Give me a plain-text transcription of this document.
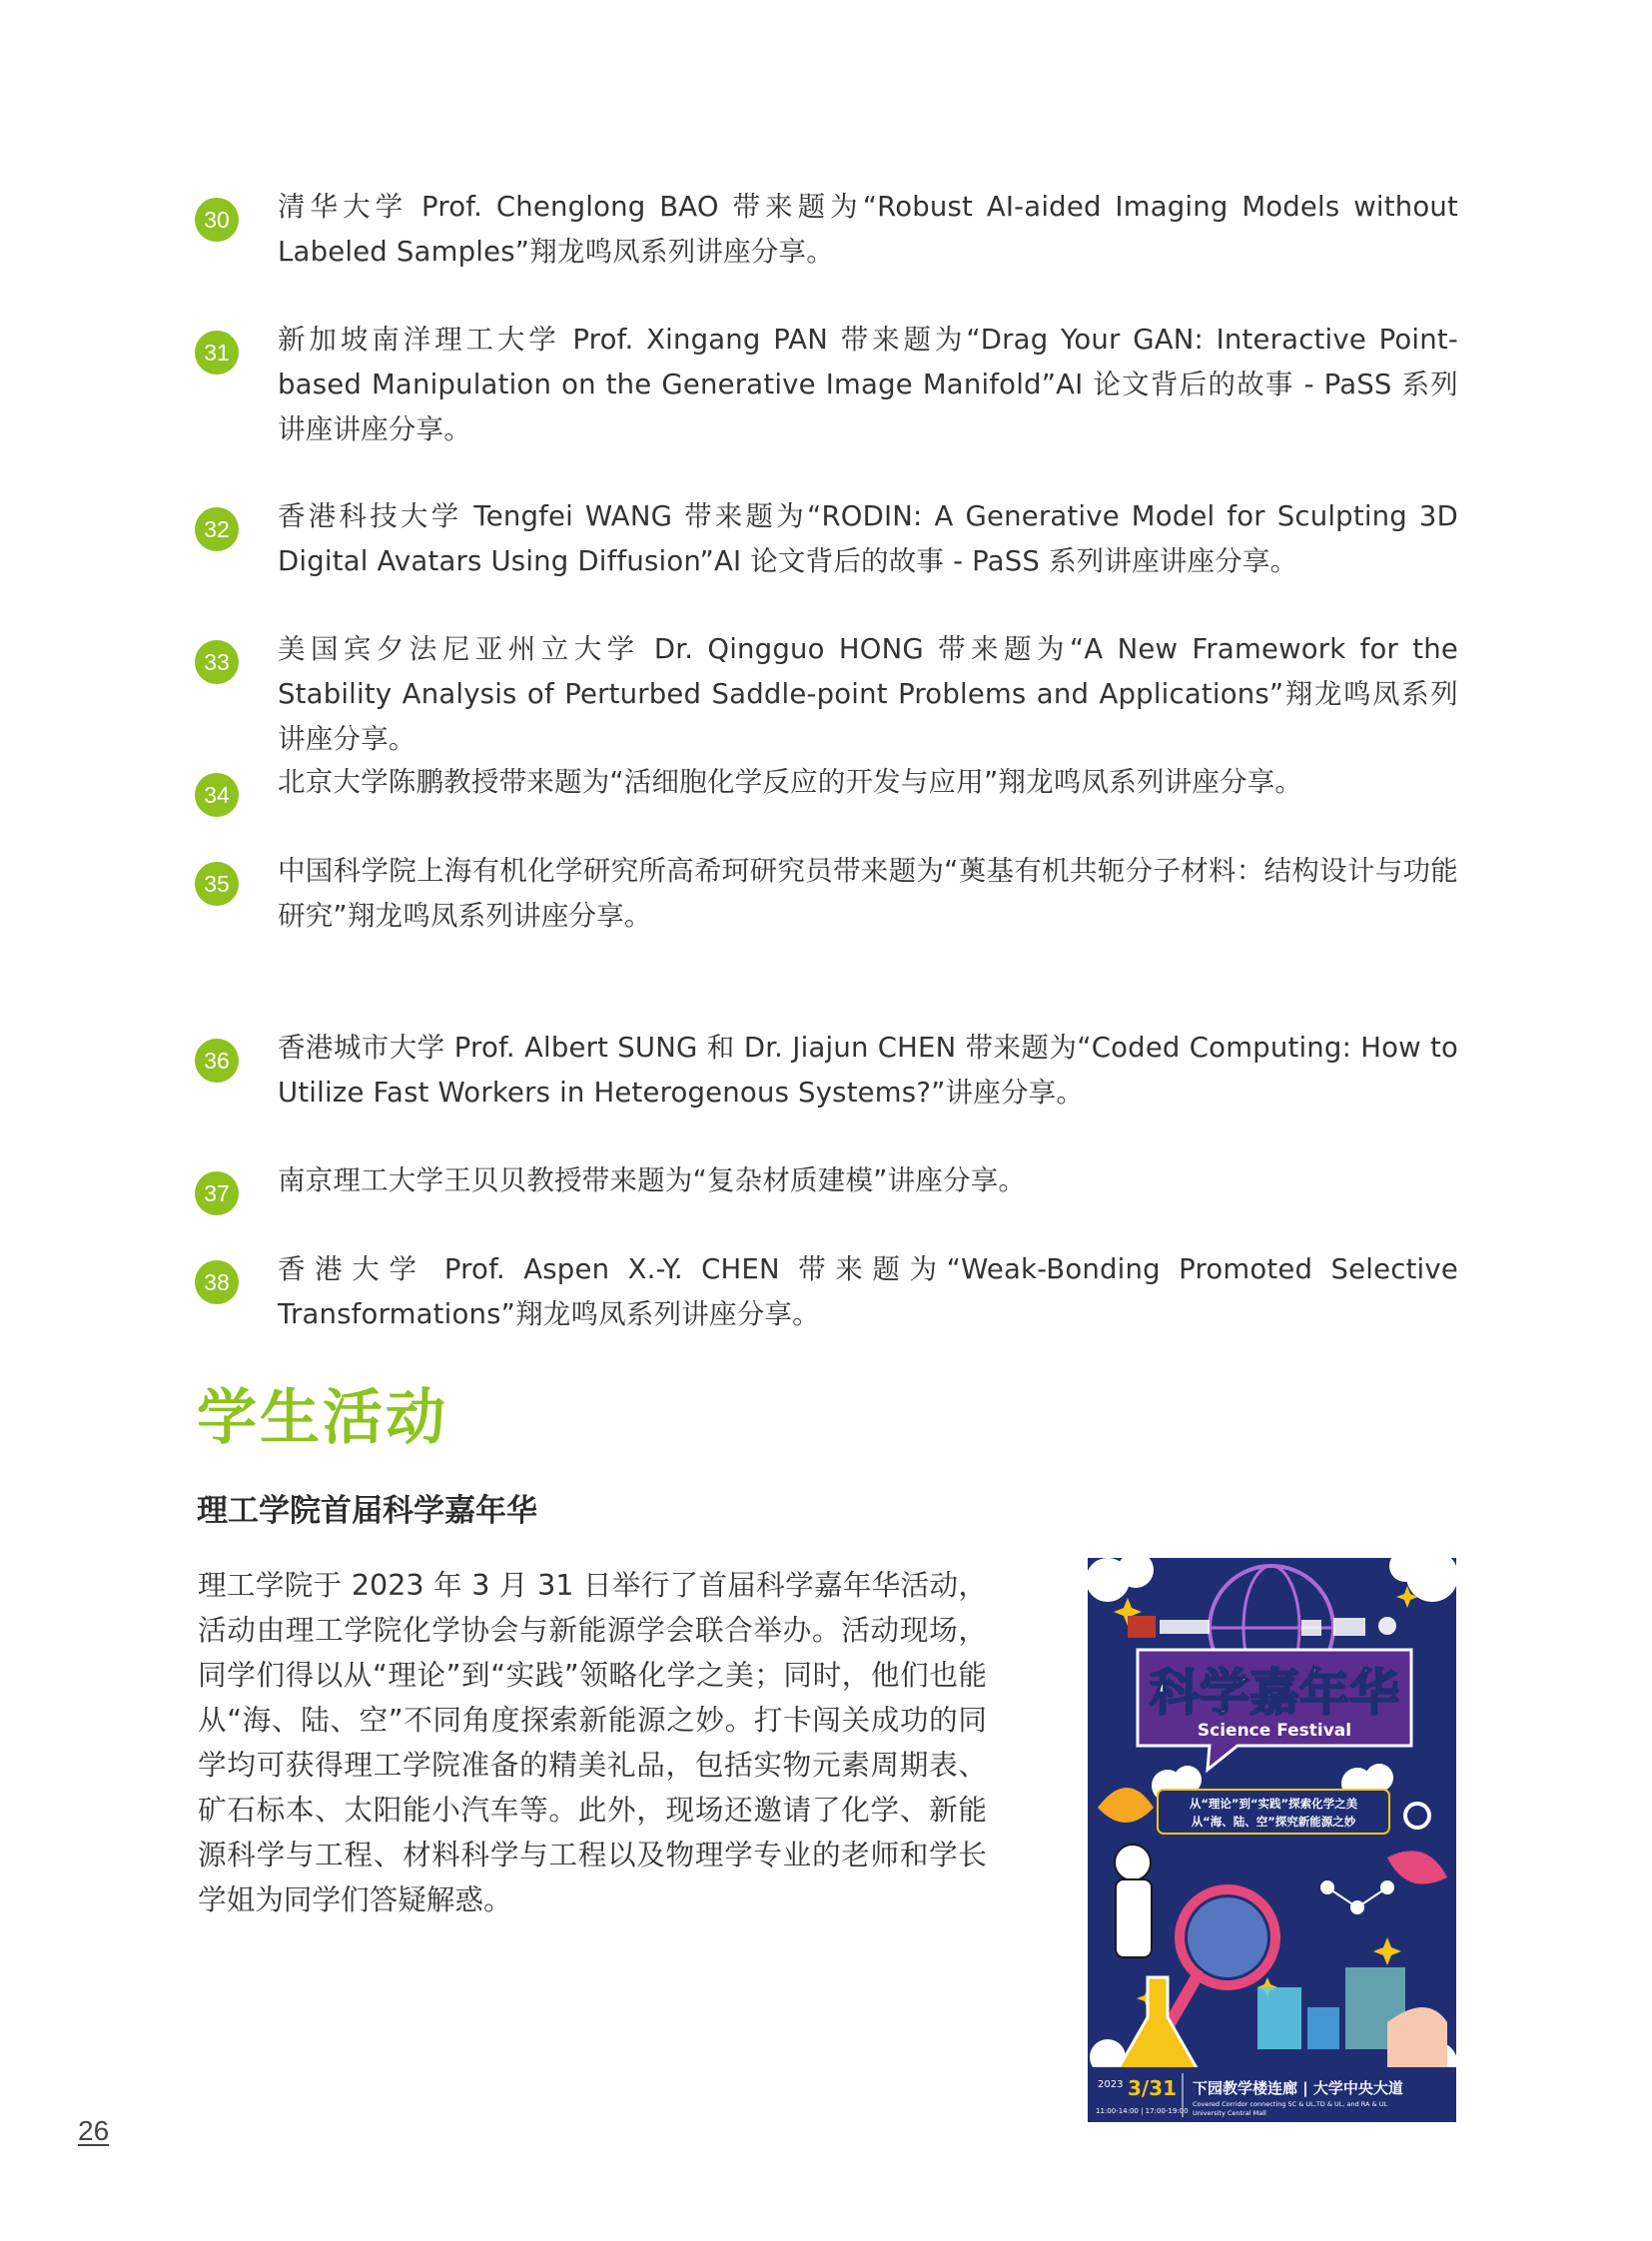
30	清华大学 Prof. Chenglong BAO 带来题为“Robust AI-aided Imaging Models without Labeled Samples”翔龙鸣凤系列讲座分享。
31	新加坡南洋理工大学 Prof. Xingang PAN 带来题为“Drag Your GAN: Interactive Point-based Manipulation on the Generative Image Manifold”AI 论文背后的故事 - PaSS 系列讲座讲座分享。
32	香港科技大学 Tengfei WANG 带来题为“RODIN: A Generative Model for Sculpting 3D Digital Avatars Using Diffusion”AI 论文背后的故事 - PaSS 系列讲座讲座分享。
33	美国宾夕法尼亚州立大学 Dr. Qingguo HONG 带来题为“A New Framework for the Stability Analysis of Perturbed Saddle-point Problems and Applications”翔龙鸣凤系列讲座分享。
34	北京大学陈鹏教授带来题为“活细胞化学反应的开发与应用”翔龙鸣凤系列讲座分享。
35	中国科学院上海有机化学研究所高希珂研究员带来题为“薁基有机共轭分子材料：结构设计与功能研究”翔龙鸣凤系列讲座分享。
36	香港城市大学 Prof. Albert SUNG 和 Dr. Jiajun CHEN 带来题为“Coded Computing: How to Utilize Fast Workers in Heterogenous Systems?”讲座分享。
37	南京理工大学王贝贝教授带来题为“复杂材质建模”讲座分享。
38	香港大学 Prof. Aspen X.-Y. CHEN 带来题为“Weak-Bonding Promoted Selective Transformations”翔龙鸣凤系列讲座分享。
学生活动
理工学院首届科学嘉年华

理工学院于 2023 年 3 月 31 日举行了首届科学嘉年华活动，活动由理工学院化学协会与新能源学会联合举办。活动现场，同学们得以从“理论”到“实践”领略化学之美；同时，他们也能从“海、陆、空”不同角度探索新能源之妙。打卡闯关成功的同学均可获得理工学院准备的精美礼品，包括实物元素周期表、矿石标本、太阳能小汽车等。此外，现场还邀请了化学、新能源科学与工程、材料科学与工程以及物理学专业的老师和学长学姐为同学们答疑解惑。

科学嘉年华
Science Festival
从“理论”到“实践”探索化学之美
从“海、陆、空”探究新能源之妙
2023 3/31
11:00-14:00 | 17:00-19:00
下园教学楼连廊 | 大学中央大道
Covered Corridor connecting SC & UL,TD & UL, and RA & UL
University Central Mall
26
